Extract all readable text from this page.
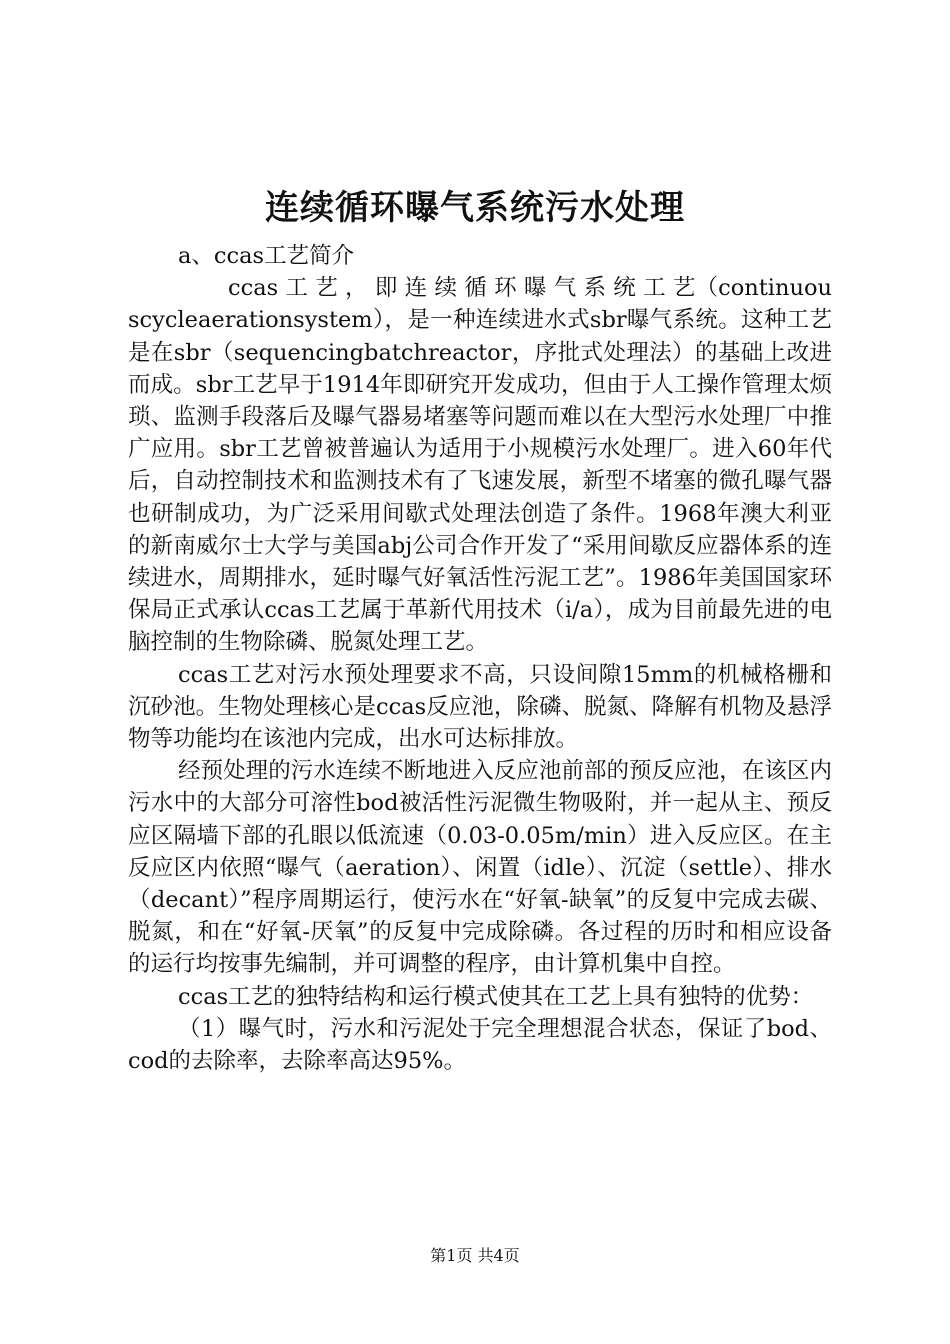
连续循环曝气系统污水处理

a、ccas工艺简介

ccas 工 艺 ， 即 连 续 循 环 曝 气 系 统 工 艺（continuouscycleaerationsystem），是一种连续进水式sbr曝气系统。这种工艺是在sbr（sequencingbatchreactor，序批式处理法）的基础上改进而成。sbr工艺早于1914年即研究开发成功，但由于人工操作管理太烦琐、监测手段落后及曝气器易堵塞等问题而难以在大型污水处理厂中推广应用。sbr工艺曾被普遍认为适用于小规模污水处理厂。进入60年代后，自动控制技术和监测技术有了飞速发展，新型不堵塞的微孔曝气器也研制成功，为广泛采用间歇式处理法创造了条件。1968年澳大利亚的新南威尔士大学与美国abj公司合作开发了“采用间歇反应器体系的连续进水，周期排水，延时曝气好氧活性污泥工艺”。1986年美国国家环保局正式承认ccas工艺属于革新代用技术（i/a），成为目前最先进的电脑控制的生物除磷、脱氮处理工艺。

ccas工艺对污水预处理要求不高，只设间隙15mm的机械格栅和沉砂池。生物处理核心是ccas反应池，除磷、脱氮、降解有机物及悬浮物等功能均在该池内完成，出水可达标排放。

经预处理的污水连续不断地进入反应池前部的预反应池，在该区内污水中的大部分可溶性bod被活性污泥微生物吸附，并一起从主、预反应区隔墙下部的孔眼以低流速（0.03-0.05m/min）进入反应区。在主反应区内依照“曝气（aeration）、闲置（idle）、沉淀（settle）、排水（decant）”程序周期运行，使污水在“好氧-缺氧”的反复中完成去碳、脱氮，和在“好氧-厌氧”的反复中完成除磷。各过程的历时和相应设备的运行均按事先编制，并可调整的程序，由计算机集中自控。

ccas工艺的独特结构和运行模式使其在工艺上具有独特的优势：

（1）曝气时，污水和污泥处于完全理想混合状态，保证了bod、cod的去除率，去除率高达95%。

第1页 共4页
